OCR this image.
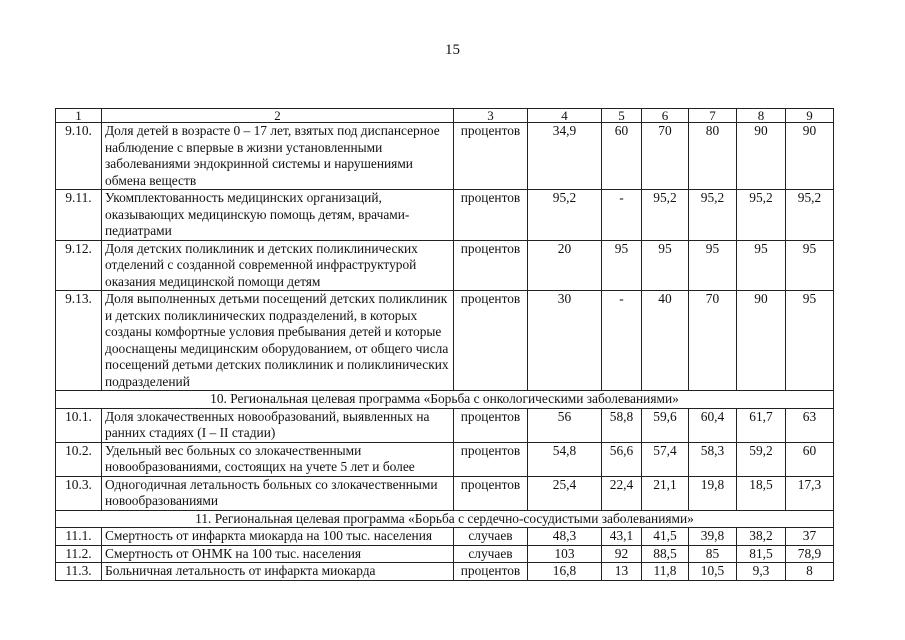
15
1	2	3	4	5	6	7	8	9
9.10.	Доля детей в возрасте 0 – 17 лет, взятых под диспансерное наблюдение с впервые в жизни установленными заболеваниями эндокринной системы и нарушениями обмена веществ	процентов	34,9	60	70	80	90	90
9.11.	Укомплектованность медицинских организаций, оказывающих медицинскую помощь детям, врачами-педиатрами	процентов	95,2	-	95,2	95,2	95,2	95,2
9.12.	Доля детских поликлиник и детских поликлинических отделений с созданной современной инфраструктурой оказания медицинской помощи детям	процентов	20	95	95	95	95	95
9.13.	Доля выполненных детьми посещений детских поликлиник и детских поликлинических подразделений, в которых созданы комфортные условия пребывания детей и которые дооснащены медицинским оборудованием, от общего числа посещений детьми детских поликлиник и поликлинических подразделений	процентов	30	-	40	70	90	95
10. Региональная целевая программа «Борьба с онкологическими заболеваниями»								
10.1.	Доля злокачественных новообразований, выявленных на ранних стадиях (I – II стадии)	процентов	56	58,8	59,6	60,4	61,7	63
10.2.	Удельный вес больных со злокачественными новообразованиями, состоящих на учете 5 лет и более	процентов	54,8	56,6	57,4	58,3	59,2	60
10.3.	Одногодичная летальность больных со злокачественными новообразованиями	процентов	25,4	22,4	21,1	19,8	18,5	17,3
11. Региональная целевая программа «Борьба с сердечно-сосудистыми заболеваниями»								
11.1.	Смертность от инфаркта миокарда на 100 тыс. населения	случаев	48,3	43,1	41,5	39,8	38,2	37
11.2.	Смертность от ОНМК на 100 тыс. населения	случаев	103	92	88,5	85	81,5	78,9
11.3.	Больничная летальность от инфаркта миокарда	процентов	16,8	13	11,8	10,5	9,3	8
